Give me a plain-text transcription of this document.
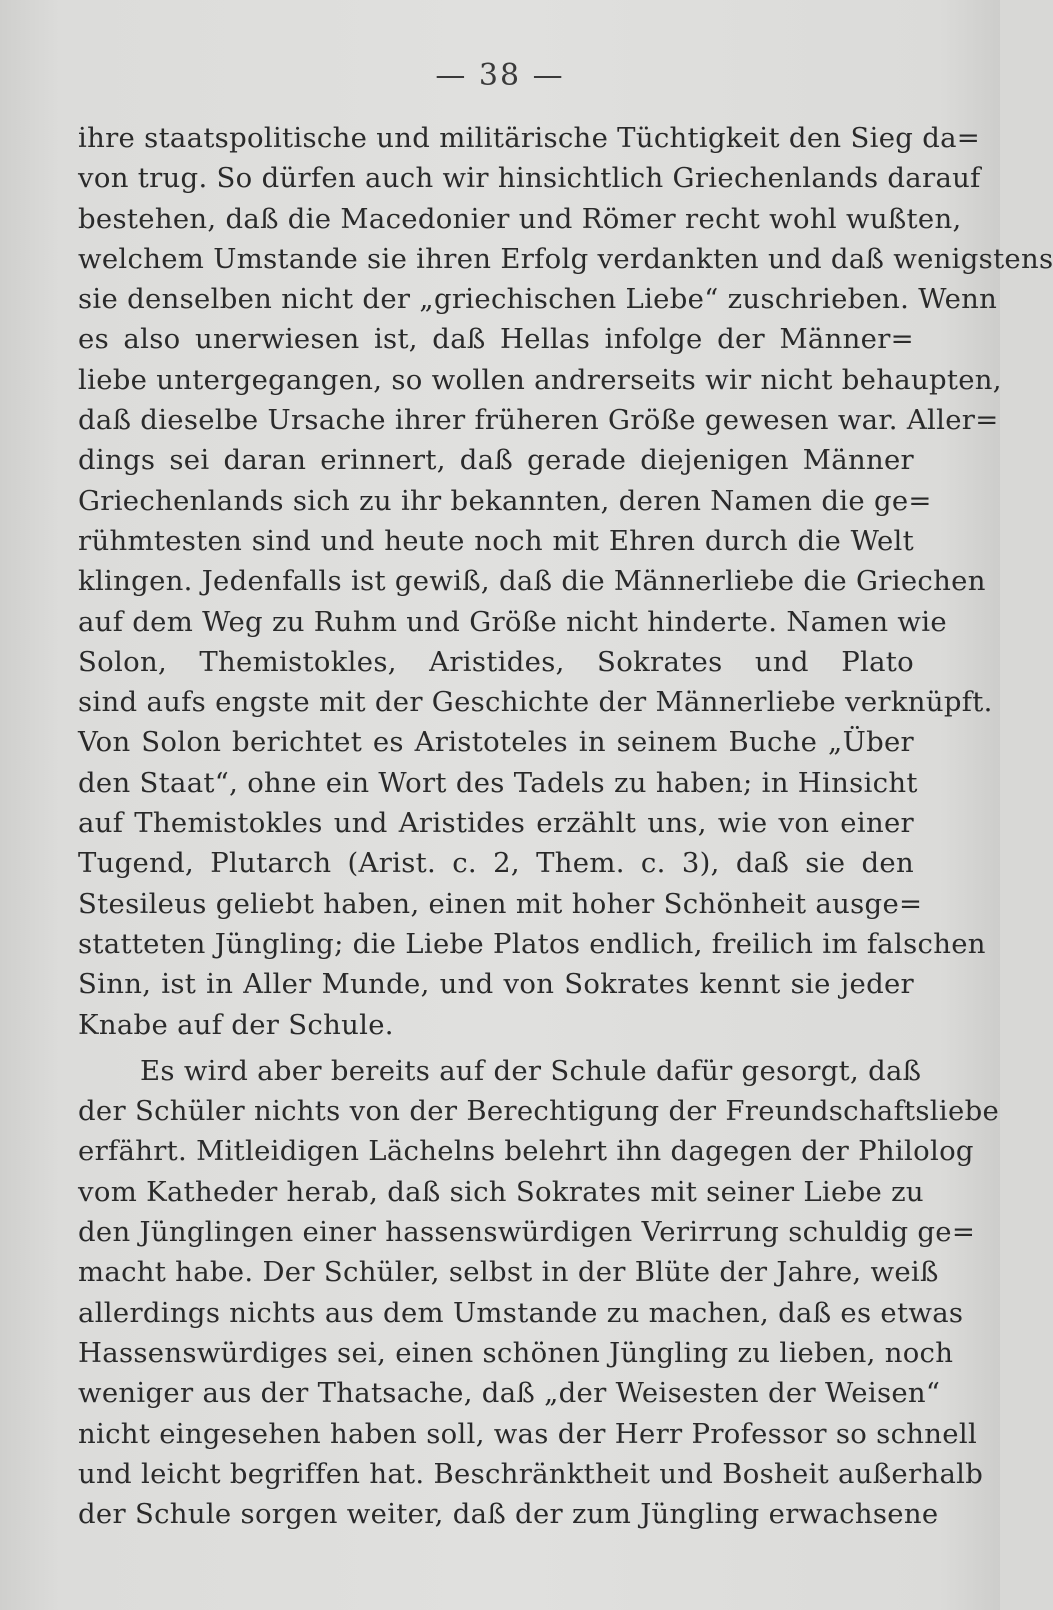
— 38 —
ihre staatspolitische und militärische Tüchtigkeit den Sieg da=
von trug. So dürfen auch wir hinsichtlich Griechenlands darauf
bestehen, daß die Macedonier und Römer recht wohl wußten,
welchem Umstande sie ihren Erfolg verdankten und daß wenigstens
sie denselben nicht der „griechischen Liebe“ zuschrieben. Wenn
es also unerwiesen ist, daß Hellas infolge der Männer=
liebe untergegangen, so wollen andrerseits wir nicht behaupten,
daß dieselbe Ursache ihrer früheren Größe gewesen war. Aller=
dings sei daran erinnert, daß gerade diejenigen Männer
Griechenlands sich zu ihr bekannten, deren Namen die ge=
rühmtesten sind und heute noch mit Ehren durch die Welt
klingen. Jedenfalls ist gewiß, daß die Männerliebe die Griechen
auf dem Weg zu Ruhm und Größe nicht hinderte. Namen wie
Solon, Themistokles, Aristides, Sokrates und Plato
sind aufs engste mit der Geschichte der Männerliebe verknüpft.
Von Solon berichtet es Aristoteles in seinem Buche „Über
den Staat“, ohne ein Wort des Tadels zu haben; in Hinsicht
auf Themistokles und Aristides erzählt uns, wie von einer
Tugend, Plutarch (Arist. c. 2, Them. c. 3), daß sie den
Stesileus geliebt haben, einen mit hoher Schönheit ausge=
statteten Jüngling; die Liebe Platos endlich, freilich im falschen
Sinn, ist in Aller Munde, und von Sokrates kennt sie jeder
Knabe auf der Schule.
Es wird aber bereits auf der Schule dafür gesorgt, daß
der Schüler nichts von der Berechtigung der Freundschaftsliebe
erfährt. Mitleidigen Lächelns belehrt ihn dagegen der Philolog
vom Katheder herab, daß sich Sokrates mit seiner Liebe zu
den Jünglingen einer hassenswürdigen Verirrung schuldig ge=
macht habe. Der Schüler, selbst in der Blüte der Jahre, weiß
allerdings nichts aus dem Umstande zu machen, daß es etwas
Hassenswürdiges sei, einen schönen Jüngling zu lieben, noch
weniger aus der Thatsache, daß „der Weisesten der Weisen“
nicht eingesehen haben soll, was der Herr Professor so schnell
und leicht begriffen hat. Beschränktheit und Bosheit außerhalb
der Schule sorgen weiter, daß der zum Jüngling erwachsene
